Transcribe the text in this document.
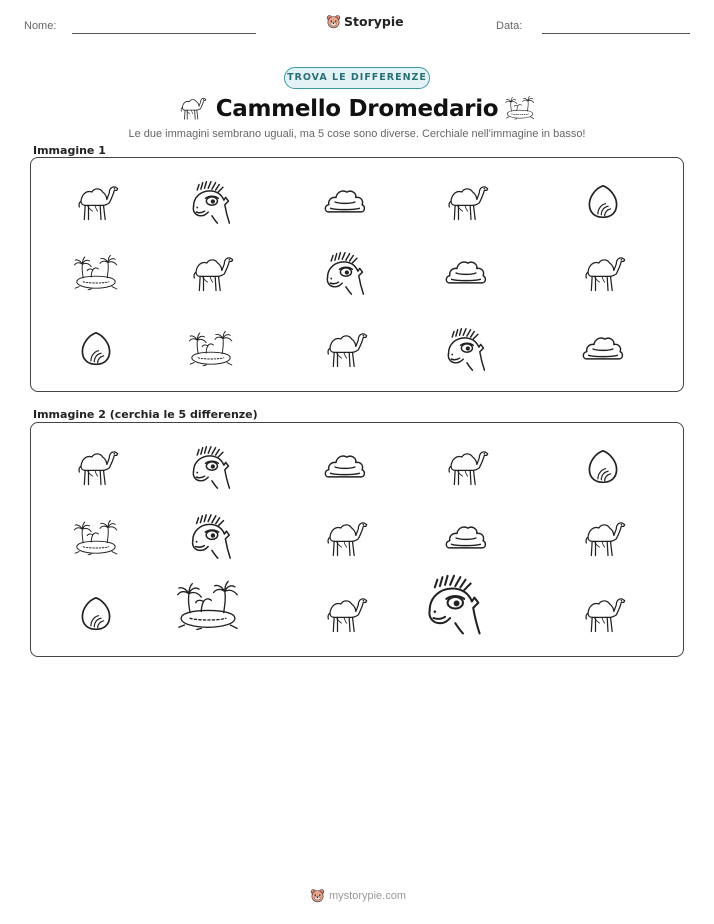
Nome:	Storypie	Data:
TROVA LE DIFFERENZE
Cammello Dromedario
Le due immagini sembrano uguali, ma 5 cose sono diverse. Cerchiale nell'immagine in basso!
Immagine 1
Immagine 2 (cerchia le 5 differenze)
mystorypie.com
